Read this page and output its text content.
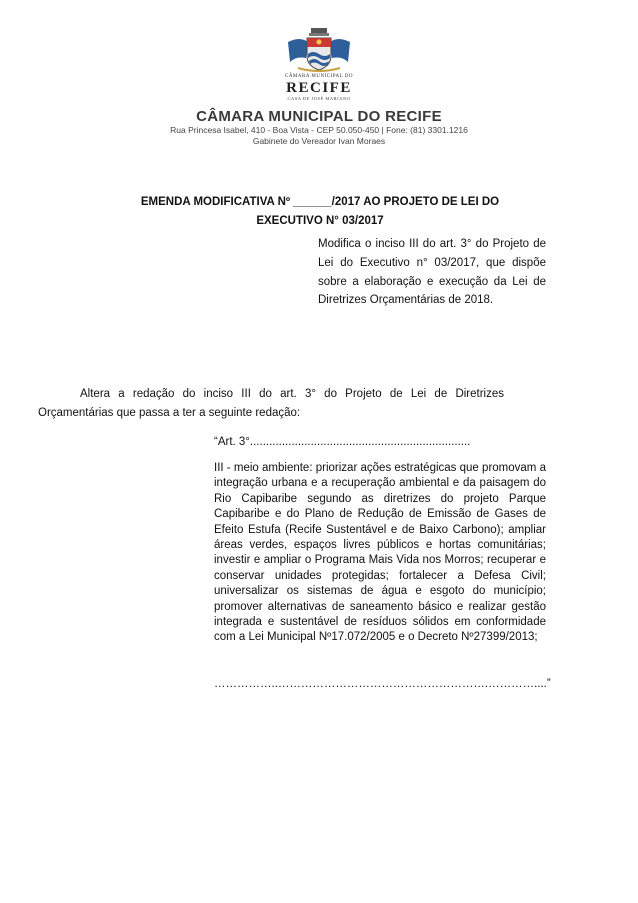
CÂMARA MUNICIPAL DO
RECIFE
CASA DE JOSÉ MARIANO
CÂMARA MUNICIPAL DO RECIFE
Rua Princesa Isabel, 410 - Boa Vista - CEP 50.050-450 | Fone: (81) 3301.1216
Gabinete do Vereador Ivan Moraes
EMENDA MODIFICATIVA Nº ______/2017 AO PROJETO DE LEI DO
EXECUTIVO N° 03/2017
Modifica o inciso III do art. 3° do Projeto de Lei do Executivo n° 03/2017, que dispõe sobre a elaboração e execução da Lei de Diretrizes Orçamentárias de 2018.
Altera a redação do inciso III do art. 3° do Projeto de Lei de Diretrizes Orçamentárias que passa a ter a seguinte redação:
“Art. 3°.....................................................................
III - meio ambiente: priorizar ações estratégicas que promovam a integração urbana e a recuperação ambiental e da paisagem do Rio Capibaribe segundo as diretrizes do projeto Parque Capibaribe e do Plano de Redução de Emissão de Gases de Efeito Estufa (Recife Sustentável e de Baixo Carbono); ampliar áreas verdes, espaços livres públicos e hortas comunitárias; investir e ampliar o Programa Mais Vida nos Morros; recuperar e conservar unidades protegidas; fortalecer a Defesa Civil; universalizar os sistemas de água e esgoto do município; promover alternativas de saneamento básico e realizar gestão integrada e sustentável de resíduos sólidos em conformidade com a Lei Municipal Nº17.072/2005 e o Decreto Nº27399/2013;
……………..……………………………………………….…………....”
